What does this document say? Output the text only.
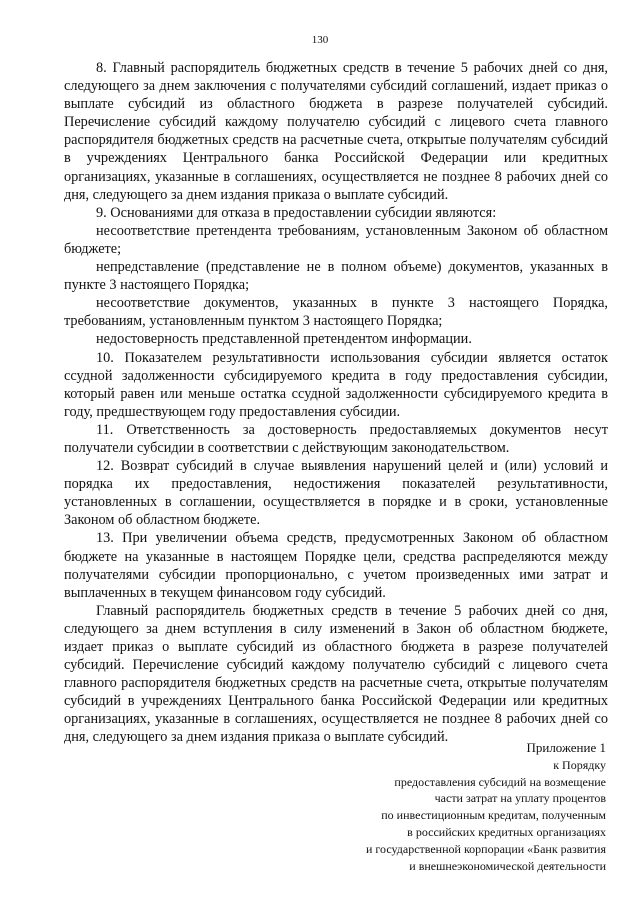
130

8. Главный распорядитель бюджетных средств в течение 5 рабочих дней со дня, следующего за днем заключения с получателями субсидий соглашений, издает приказ о выплате субсидий из областного бюджета в разрезе получателей субсидий. Перечисление субсидий каждому получателю субсидий с лицевого счета главного распорядителя бюджетных средств на расчетные счета, открытые получателям субсидий в учреждениях Центрального банка Российской Федерации или кредитных организациях, указанные в соглашениях, осуществляется не позднее 8 рабочих дней со дня, следующего за днем издания приказа о выплате субсидий.

9. Основаниями для отказа в предоставлении субсидии являются:

несоответствие претендента требованиям, установленным Законом об областном бюджете;

непредставление (представление не в полном объеме) документов, указанных в пункте 3 настоящего Порядка;

несоответствие документов, указанных в пункте 3 настоящего Порядка, требованиям, установленным пунктом 3 настоящего Порядка;

недостоверность представленной претендентом информации.

10. Показателем результативности использования субсидии является остаток ссудной задолженности субсидируемого кредита в году предоставления субсидии, который равен или меньше остатка ссудной задолженности субсидируемого кредита в году, предшествующем году предоставления субсидии.

11. Ответственность за достоверность предоставляемых документов несут получатели субсидии в соответствии с действующим законодательством.

12. Возврат субсидий в случае выявления нарушений целей и (или) условий и порядка их предоставления, недостижения показателей результативности, установленных в соглашении, осуществляется в порядке и в сроки, установленные Законом об областном бюджете.

13. При увеличении объема средств, предусмотренных Законом об областном бюджете на указанные в настоящем Порядке цели, средства распределяются между получателями субсидии пропорционально, с учетом произведенных ими затрат и выплаченных в текущем финансовом году субсидий.

Главный распорядитель бюджетных средств в течение 5 рабочих дней со дня, следующего за днем вступления в силу изменений в Закон об областном бюджете, издает приказ о выплате субсидий из областного бюджета в разрезе получателей субсидий. Перечисление субсидий каждому получателю субсидий с лицевого счета главного распорядителя бюджетных средств на расчетные счета, открытые получателям субсидий в учреждениях Центрального банка Российской Федерации или кредитных организациях, указанные в соглашениях, осуществляется не позднее 8 рабочих дней со дня, следующего за днем издания приказа о выплате субсидий.

Приложение 1
к Порядку
предоставления субсидий на возмещение
части затрат на уплату процентов
по инвестиционным кредитам, полученным
в российских кредитных организациях
и государственной корпорации «Банк развития
и внешнеэкономической деятельности
